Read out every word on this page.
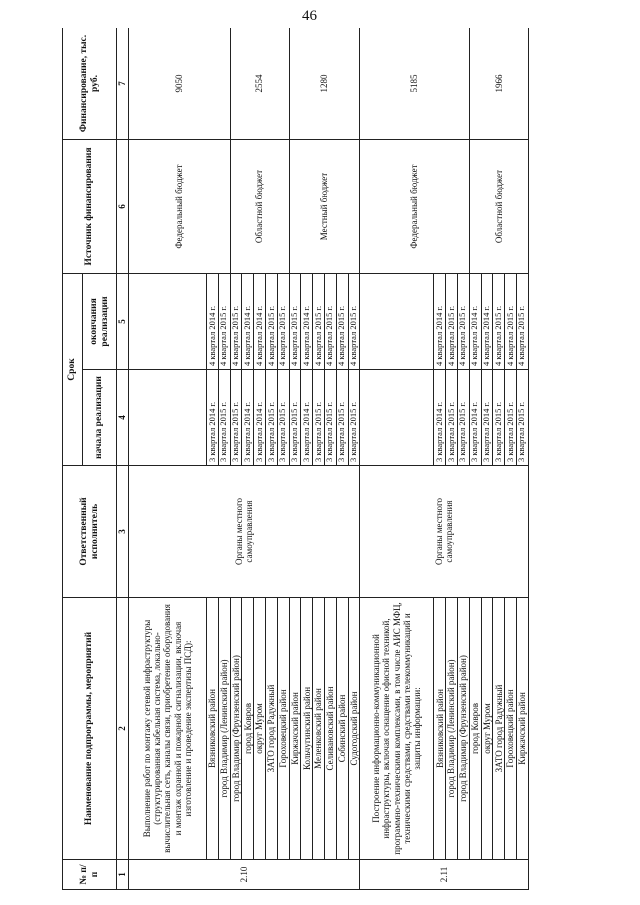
46
№ п/п	Наименование подпрограммы, мероприятий	Ответственный исполнитель	Срок		Источник финансирования	Финансирование, тыс. руб.
			начала реализации	окончания реализации		
1	2	3	4	5	6	7
2.10	Выполнение работ по монтажу сетевой инфраструктуры (структурированная кабельная система, локально-вычислительная сеть, каналы связи, приобретение оборудования и монтаж охранной и пожарной сигнализации, включая изготовление и проведение экспертизы ПСД):	Органы местного самоуправления			Федеральный бюджет	9050
	Вязниковский район		3 квартал 2014 г.	4 квартал 2014 г.		
	город Владимир (Ленинский район)		3 квартал 2015 г.	4 квартал 2015 г.		
	город Владимир (Фрунзенский район)		3 квартал 2015 г.	4 квартал 2015 г.	Областной бюджет	2554
	город Ковров		3 квартал 2014 г.	4 квартал 2014 г.		
	округ Муром		3 квартал 2014 г.	4 квартал 2014 г.		
	ЗАТО город Радужный		3 квартал 2015 г.	4 квартал 2015 г.		
	Гороховецкий район		3 квартал 2015 г.	4 квартал 2015 г.		
	Киржачский район		3 квартал 2015 г.	4 квартал 2015 г.	Местный бюджет	1280
	Кольчугинский район		3 квартал 2014 г.	4 квартал 2014 г.		
	Меленковский район		3 квартал 2015 г.	4 квартал 2015 г.		
	Селивановский район		3 квартал 2015 г.	4 квартал 2015 г.		
	Собинский район		3 квартал 2015 г.	4 квартал 2015 г.		
	Судогодский район		3 квартал 2015 г.	4 квартал 2015 г.		
2.11	Построение информационно-коммуникационной инфраструктуры, включая оснащение офисной техникой, программно-техническими комплексами, в том числе АИС МФЦ, техническими средствами, средствами телекоммуникаций и защиты информации:	Органы местного самоуправления			Федеральный бюджет	5185
	Вязниковский район		3 квартал 2014 г.	4 квартал 2014 г.		
	город Владимир (Ленинский район)		3 квартал 2015 г.	4 квартал 2015 г.		
	город Владимир (Фрунзенский район)		3 квартал 2015 г.	4 квартал 2015 г.		
	город Ковров		3 квартал 2014 г.	4 квартал 2014 г.	Областной бюджет	1966
	округ Муром		3 квартал 2014 г.	4 квартал 2014 г.		
	ЗАТО город Радужный		3 квартал 2015 г.	4 квартал 2015 г.		
	Гороховецкий район		3 квартал 2015 г.	4 квартал 2015 г.		
	Киржачский район		3 квартал 2015 г.	4 квартал 2015 г.		
